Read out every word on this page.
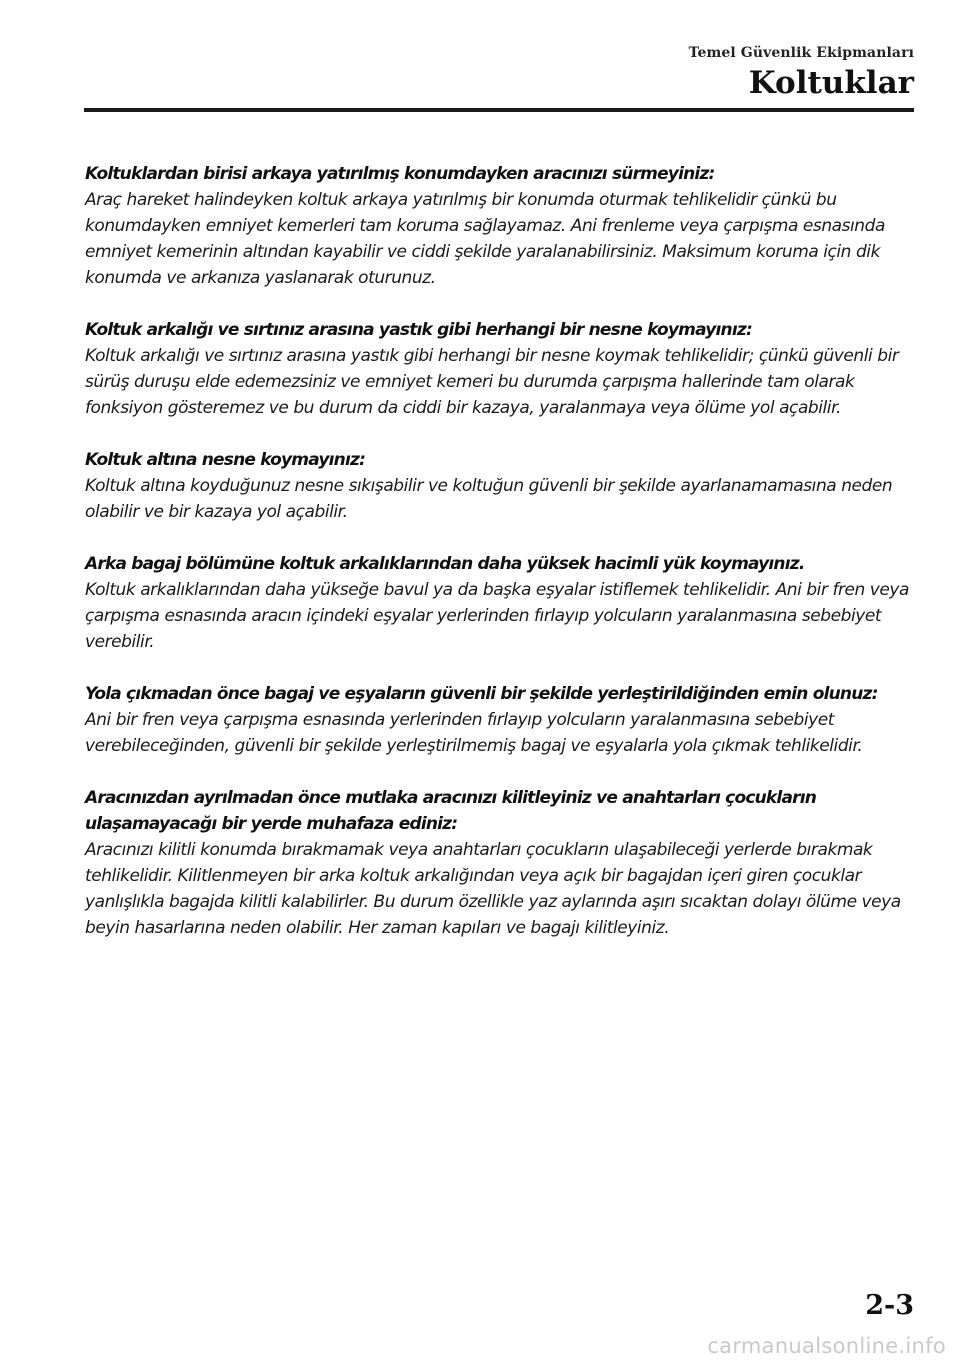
Temel Güvenlik Ekipmanları
Koltuklar

Koltuklardan birisi arkaya yatırılmış konumdayken aracınızı sürmeyiniz:

Araç hareket halindeyken koltuk arkaya yatırılmış bir konumda oturmak tehlikelidir çünkü bu konumdayken emniyet kemerleri tam koruma sağlayamaz. Ani frenleme veya çarpışma esnasında emniyet kemerinin altından kayabilir ve ciddi şekilde yaralanabilirsiniz. Maksimum koruma için dik konumda ve arkanıza yaslanarak oturunuz.

Koltuk arkalığı ve sırtınız arasına yastık gibi herhangi bir nesne koymayınız:

Koltuk arkalığı ve sırtınız arasına yastık gibi herhangi bir nesne koymak tehlikelidir; çünkü güvenli bir sürüş duruşu elde edemezsiniz ve emniyet kemeri bu durumda çarpışma hallerinde tam olarak fonksiyon gösteremez ve bu durum da ciddi bir kazaya, yaralanmaya veya ölüme yol açabilir.

Koltuk altına nesne koymayınız:

Koltuk altına koyduğunuz nesne sıkışabilir ve koltuğun güvenli bir şekilde ayarlanamamasına neden olabilir ve bir kazaya yol açabilir.

Arka bagaj bölümüne koltuk arkalıklarından daha yüksek hacimli yük koymayınız.

Koltuk arkalıklarından daha yükseğe bavul ya da başka eşyalar istiflemek tehlikelidir. Ani bir fren veya çarpışma esnasında aracın içindeki eşyalar yerlerinden fırlayıp yolcuların yaralanmasına sebebiyet verebilir.

Yola çıkmadan önce bagaj ve eşyaların güvenli bir şekilde yerleştirildiğinden emin olunuz:

Ani bir fren veya çarpışma esnasında yerlerinden fırlayıp yolcuların yaralanmasına sebebiyet verebileceğinden, güvenli bir şekilde yerleştirilmemiş bagaj ve eşyalarla yola çıkmak tehlikelidir.

Aracınızdan ayrılmadan önce mutlaka aracınızı kilitleyiniz ve anahtarları çocukların ulaşamayacağı bir yerde muhafaza ediniz:

Aracınızı kilitli konumda bırakmamak veya anahtarları çocukların ulaşabileceği yerlerde bırakmak tehlikelidir. Kilitlenmeyen bir arka koltuk arkalığından veya açık bir bagajdan içeri giren çocuklar yanlışlıkla bagajda kilitli kalabilirler. Bu durum özellikle yaz aylarında aşırı sıcaktan dolayı ölüme veya beyin hasarlarına neden olabilir. Her zaman kapıları ve bagajı kilitleyiniz.

2-3
carmanualsonline.info
